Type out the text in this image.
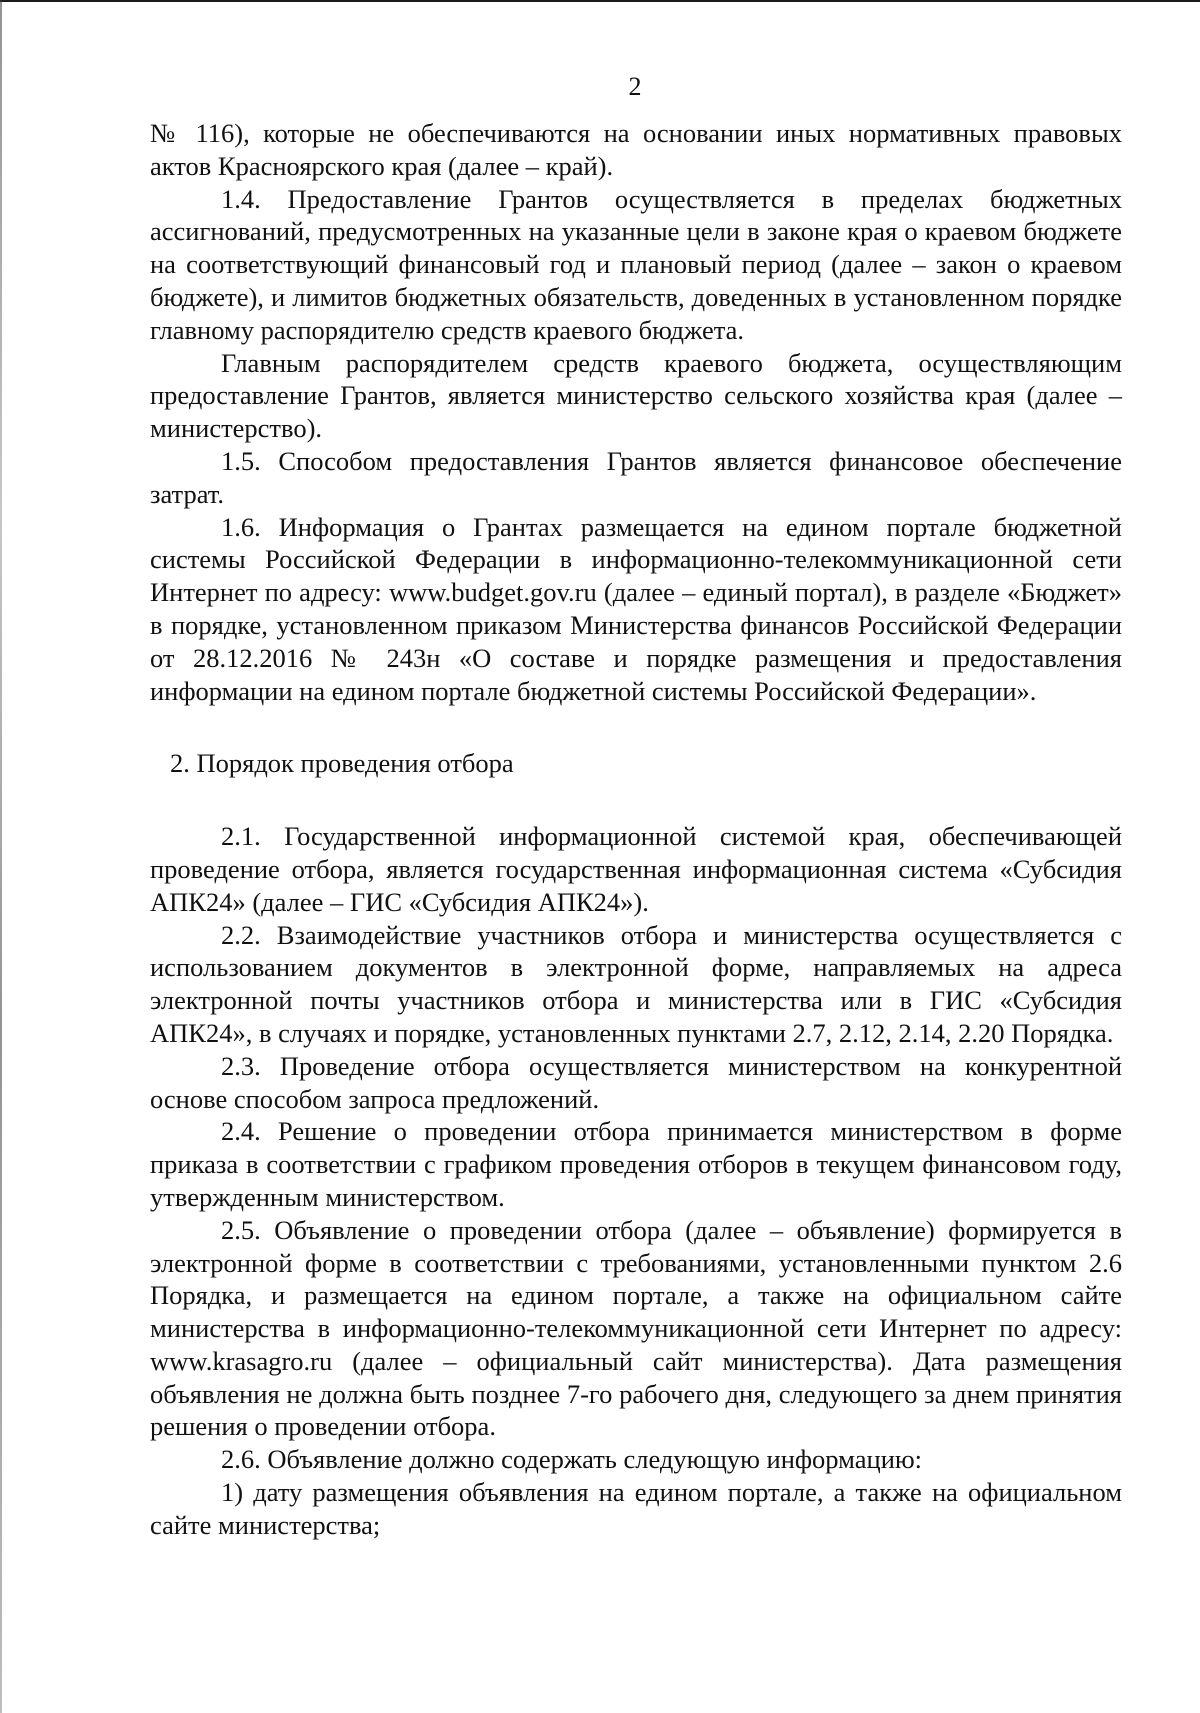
2

№ 116), которые не обеспечиваются на основании иных нормативных правовых актов Красноярского края (далее – край).

1.4. Предоставление Грантов осуществляется в пределах бюджетных ассигнований, предусмотренных на указанные цели в законе края о краевом бюджете на соответствующий финансовый год и плановый период (далее – закон о краевом бюджете), и лимитов бюджетных обязательств, доведенных в установленном порядке главному распорядителю средств краевого бюджета.

Главным распорядителем средств краевого бюджета, осуществляющим предоставление Грантов, является министерство сельского хозяйства края (далее – министерство).

1.5. Способом предоставления Грантов является финансовое обеспечение затрат.

1.6. Информация о Грантах размещается на едином портале бюджетной системы Российской Федерации в информационно-телекоммуникационной сети Интернет по адресу: www.budget.gov.ru (далее – единый портал), в разделе «Бюджет» в порядке, установленном приказом Министерства финансов Российской Федерации от 28.12.2016 № 243н «О составе и порядке размещения и предоставления информации на едином портале бюджетной системы Российской Федерации».

2. Порядок проведения отбора

2.1. Государственной информационной системой края, обеспечивающей проведение отбора, является государственная информационная система «Субсидия АПК24» (далее – ГИС «Субсидия АПК24»).

2.2. Взаимодействие участников отбора и министерства осуществляется с использованием документов в электронной форме, направляемых на адреса электронной почты участников отбора и министерства или в ГИС «Субсидия АПК24», в случаях и порядке, установленных пунктами 2.7, 2.12, 2.14, 2.20 Порядка.

2.3. Проведение отбора осуществляется министерством на конкурентной основе способом запроса предложений.

2.4. Решение о проведении отбора принимается министерством в форме приказа в соответствии с графиком проведения отборов в текущем финансовом году, утвержденным министерством.

2.5. Объявление о проведении отбора (далее – объявление) формируется в электронной форме в соответствии с требованиями, установленными пунктом 2.6 Порядка, и размещается на едином портале, а также на официальном сайте министерства в информационно-телекоммуникационной сети Интернет по адресу: www.krasagro.ru (далее – официальный сайт министерства). Дата размещения объявления не должна быть позднее 7-го рабочего дня, следующего за днем принятия решения о проведении отбора.

2.6. Объявление должно содержать следующую информацию:

1) дату размещения объявления на едином портале, а также на официальном сайте министерства;
